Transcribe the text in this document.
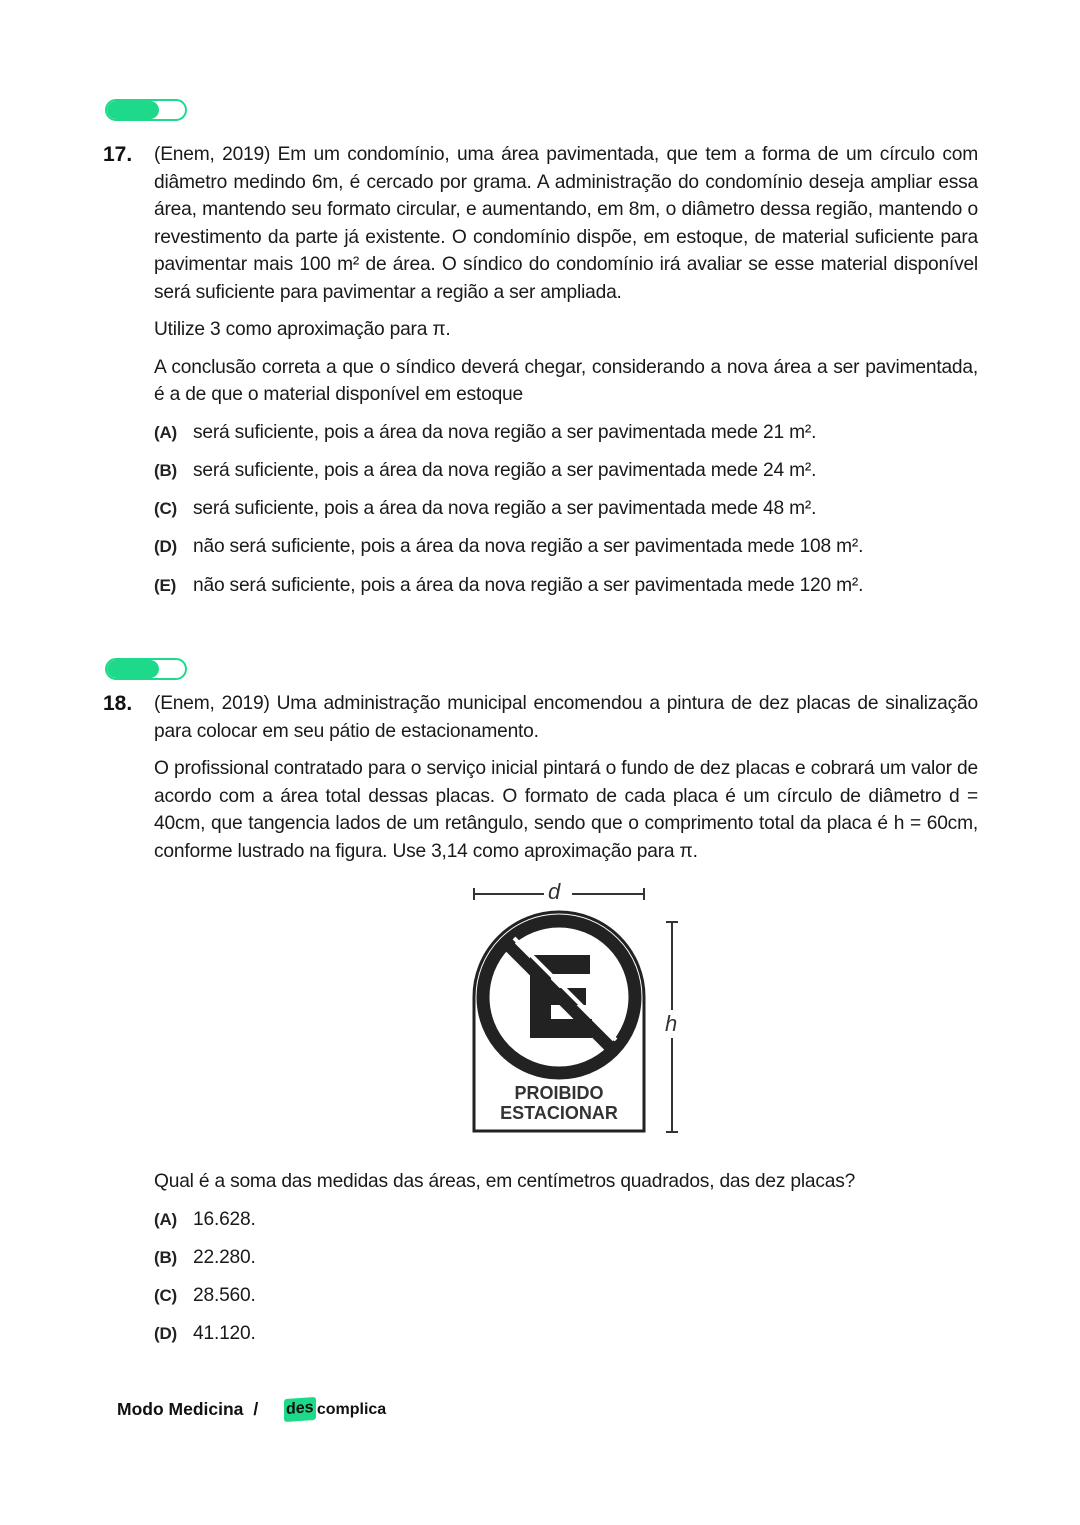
17.	(Enem, 2019) Em um condomínio, uma área pavimentada, que tem a forma de um círculo com diâmetro medindo 6m, é cercado por grama. A administração do condomínio deseja ampliar essa área, mantendo seu formato circular, e aumentando, em 8m, o diâmetro dessa região, mantendo o revestimento da parte já existente. O condomínio dispõe, em estoque, de material suficiente para pavimentar mais 100 m² de área. O síndico do condomínio irá avaliar se esse material disponível será suficiente para pavimentar a região a ser ampliada.

Utilize 3 como aproximação para π.

A conclusão correta a que o síndico deverá chegar, considerando a nova área a ser pavimentada, é a de que o material disponível em estoque

(A) será suficiente, pois a área da nova região a ser pavimentada mede 21 m².
(B) será suficiente, pois a área da nova região a ser pavimentada mede 24 m².
(C) será suficiente, pois a área da nova região a ser pavimentada mede 48 m².
(D) não será suficiente, pois a área da nova região a ser pavimentada mede 108 m².
(E) não será suficiente, pois a área da nova região a ser pavimentada mede 120 m².
18.	(Enem, 2019) Uma administração municipal encomendou a pintura de dez placas de sinalização para colocar em seu pátio de estacionamento.

O profissional contratado para o serviço inicial pintará o fundo de dez placas e cobrará um valor de acordo com a área total dessas placas. O formato de cada placa é um círculo de diâmetro d = 40cm, que tangencia lados de um retângulo, sendo que o comprimento total da placa é h = 60cm, conforme lustrado na figura. Use 3,14 como aproximação para π.

d
h
PROIBIDO
ESTACIONAR

Qual é a soma das medidas das áreas, em centímetros quadrados, das dez placas?

(A) 16.628.
(B) 22.280.
(C) 28.560.
(D) 41.120.
Modo Medicina / des complica
